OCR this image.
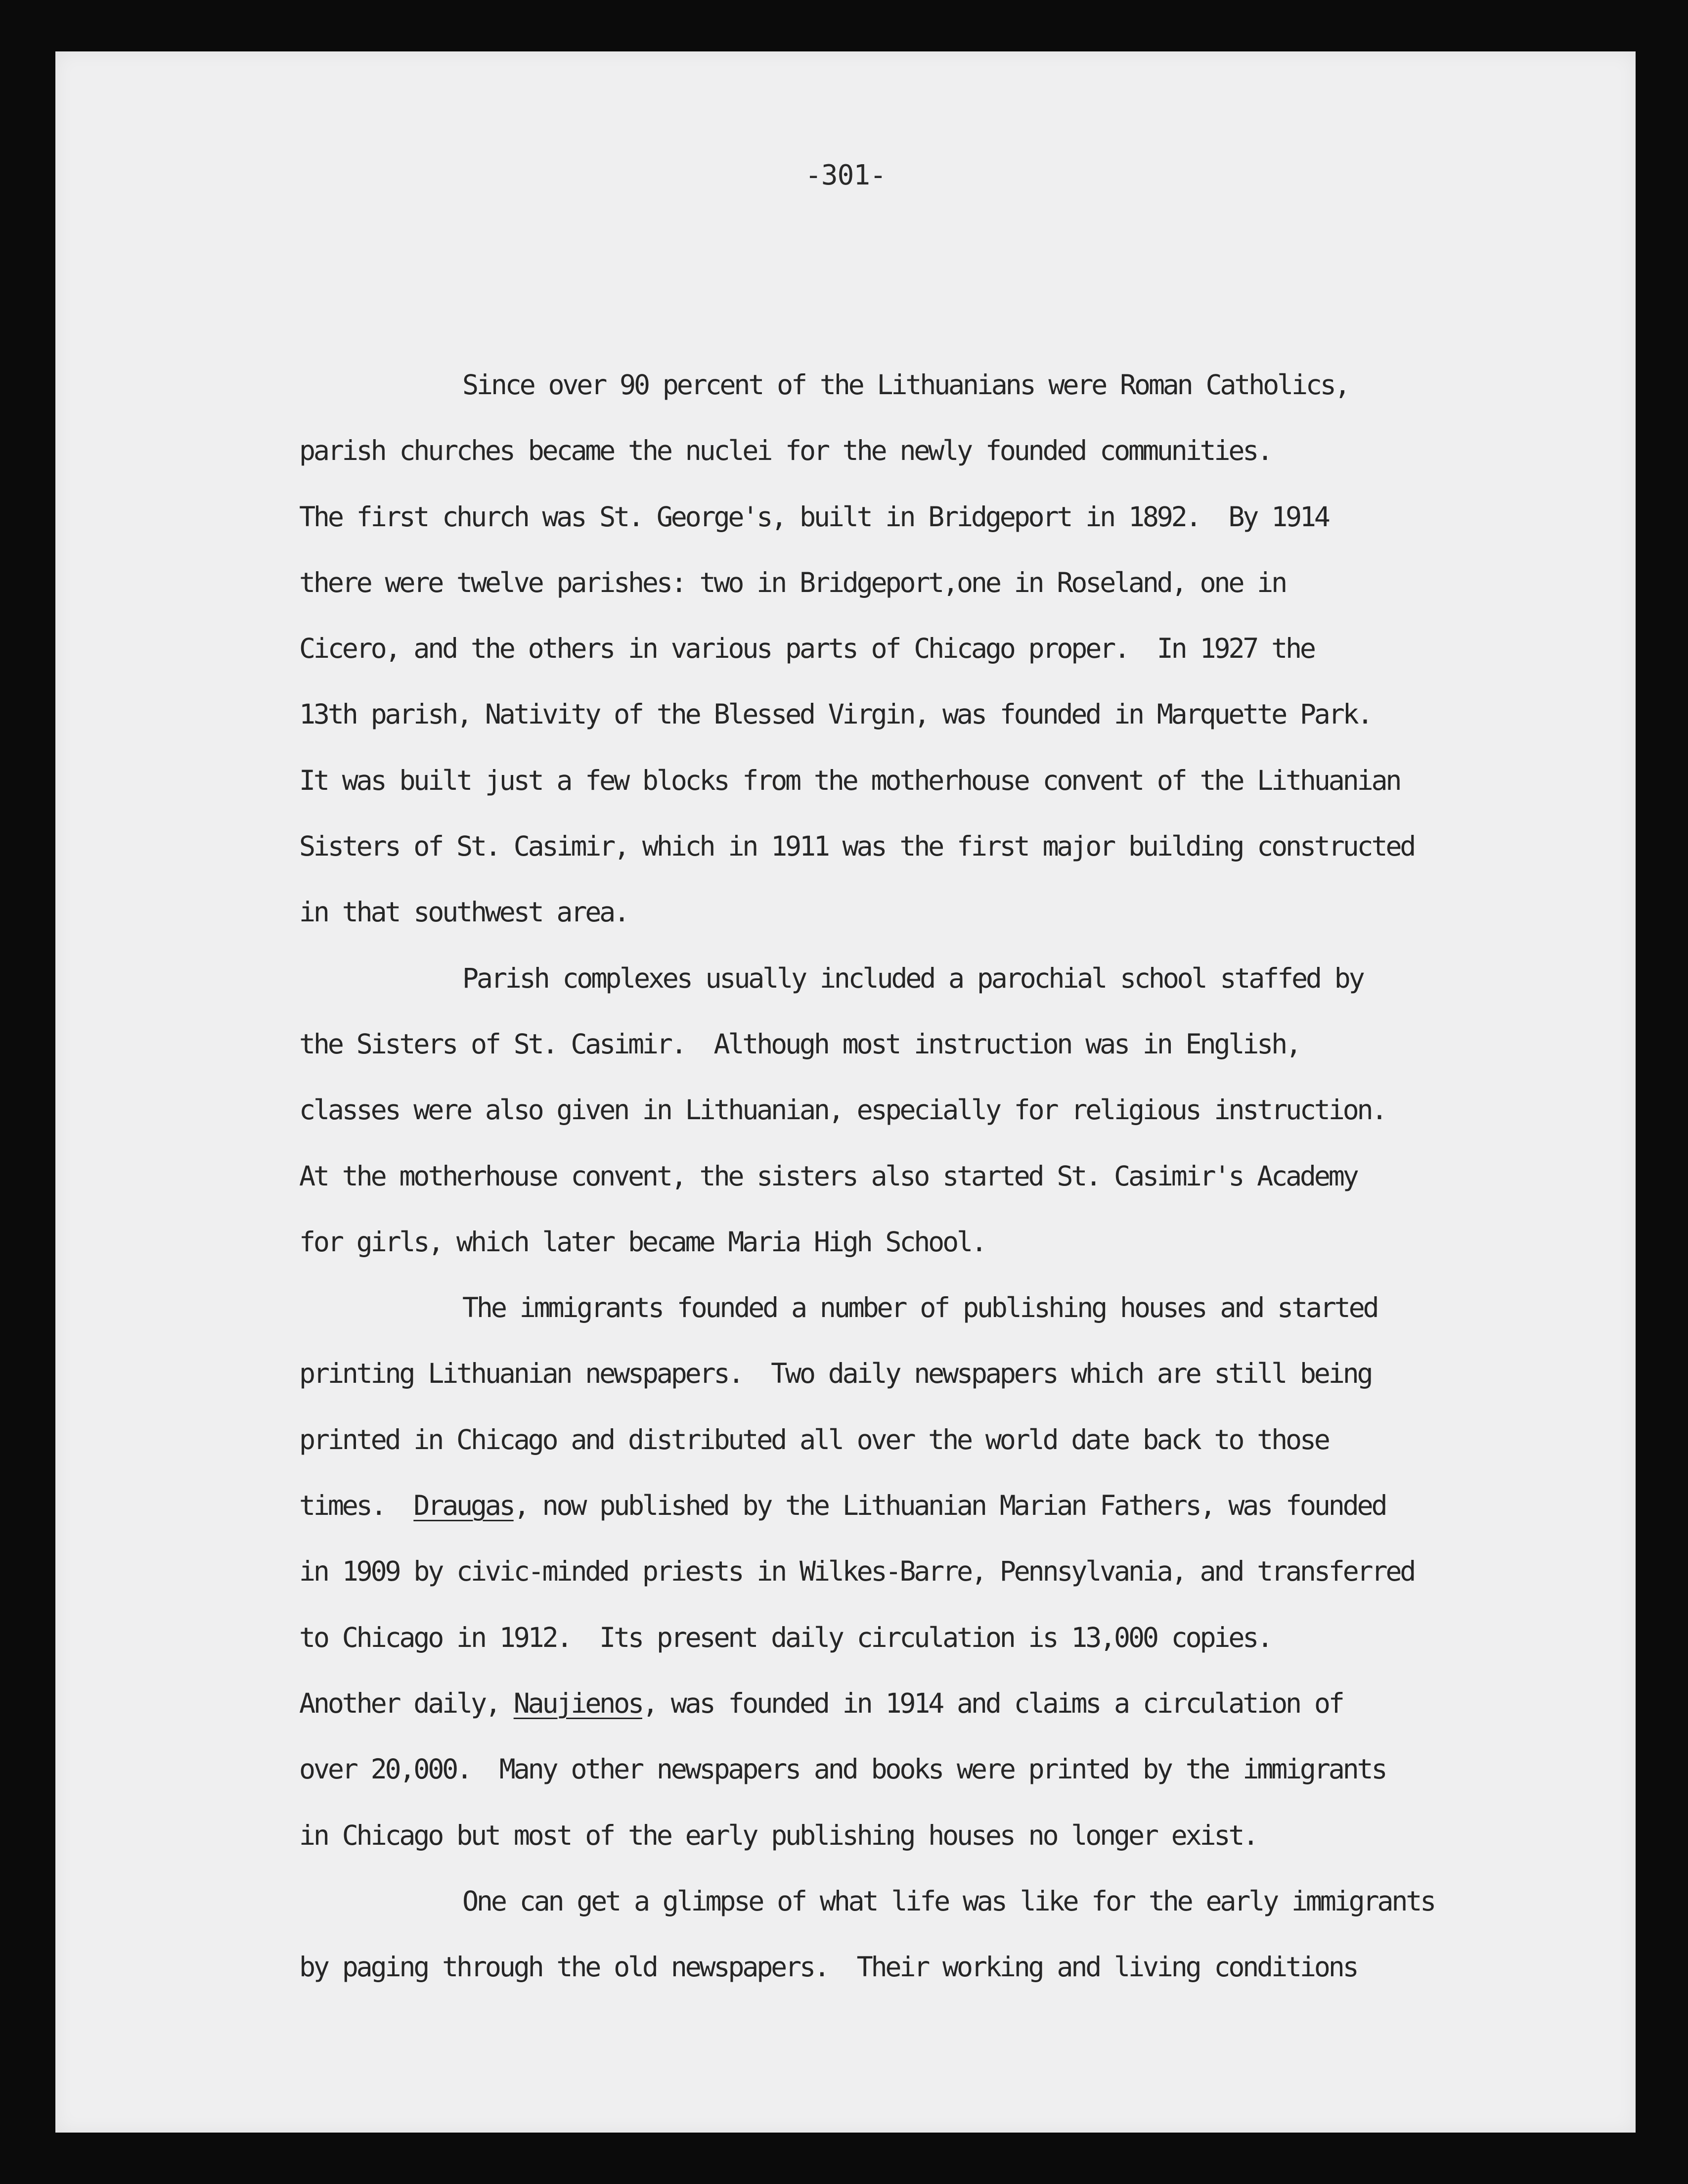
-301-
Since over 90 percent of the Lithuanians were Roman Catholics,
parish churches became the nuclei for the newly founded communities.
The first church was St. George's, built in Bridgeport in 1892.  By 1914
there were twelve parishes: two in Bridgeport,one in Roseland, one in
Cicero, and the others in various parts of Chicago proper.  In 1927 the
13th parish, Nativity of the Blessed Virgin, was founded in Marquette Park.
It was built just a few blocks from the motherhouse convent of the Lithuanian
Sisters of St. Casimir, which in 1911 was the first major building constructed
in that southwest area.
Parish complexes usually included a parochial school staffed by
the Sisters of St. Casimir.  Although most instruction was in English,
classes were also given in Lithuanian, especially for religious instruction.
At the motherhouse convent, the sisters also started St. Casimir's Academy
for girls, which later became Maria High School.
The immigrants founded a number of publishing houses and started
printing Lithuanian newspapers.  Two daily newspapers which are still being
printed in Chicago and distributed all over the world date back to those
times.  Draugas, now published by the Lithuanian Marian Fathers, was founded
in 1909 by civic-minded priests in Wilkes-Barre, Pennsylvania, and transferred
to Chicago in 1912.  Its present daily circulation is 13,000 copies.
Another daily, Naujienos, was founded in 1914 and claims a circulation of
over 20,000.  Many other newspapers and books were printed by the immigrants
in Chicago but most of the early publishing houses no longer exist.
One can get a glimpse of what life was like for the early immigrants
by paging through the old newspapers.  Their working and living conditions
